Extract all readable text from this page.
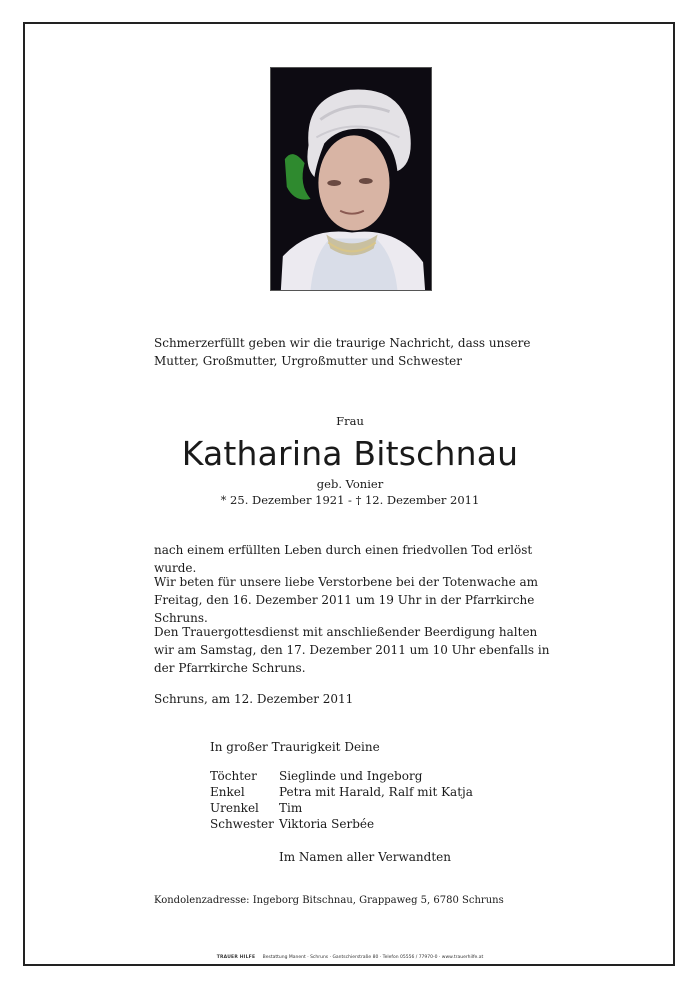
Schmerzerfüllt geben wir die traurige Nachricht, dass unsere Mutter, Großmutter, Urgroßmutter und Schwester
Frau
Katharina Bitschnau
geb. Vonier
* 25. Dezember 1921 - † 12. Dezember 2011
nach einem erfüllten Leben durch einen friedvollen Tod erlöst wurde.
Wir beten für unsere liebe Verstorbene bei der Totenwache am Freitag, den 16. Dezember 2011 um 19 Uhr in der Pfarrkirche Schruns.
Den Trauergottesdienst mit anschließender Beerdigung halten wir am Samstag, den 17. Dezember 2011 um 10 Uhr ebenfalls in der Pfarrkirche Schruns.
Schruns, am 12. Dezember 2011
In großer Traurigkeit Deine
Töchter	Sieglinde und Ingeborg
Enkel	Petra mit Harald, Ralf mit Katja
Urenkel	Tim
Schwester	Viktoria Serbée
Im Namen aller Verwandten
Kondolenzadresse: Ingeborg Bitschnau, Grappaweg 5, 6780 Schruns
TRAUER HILFE Bestattung Manent · Schruns · Gantschierstraße 80 · Telefon 05556 / 77970-0 · www.trauerhilfe.at
